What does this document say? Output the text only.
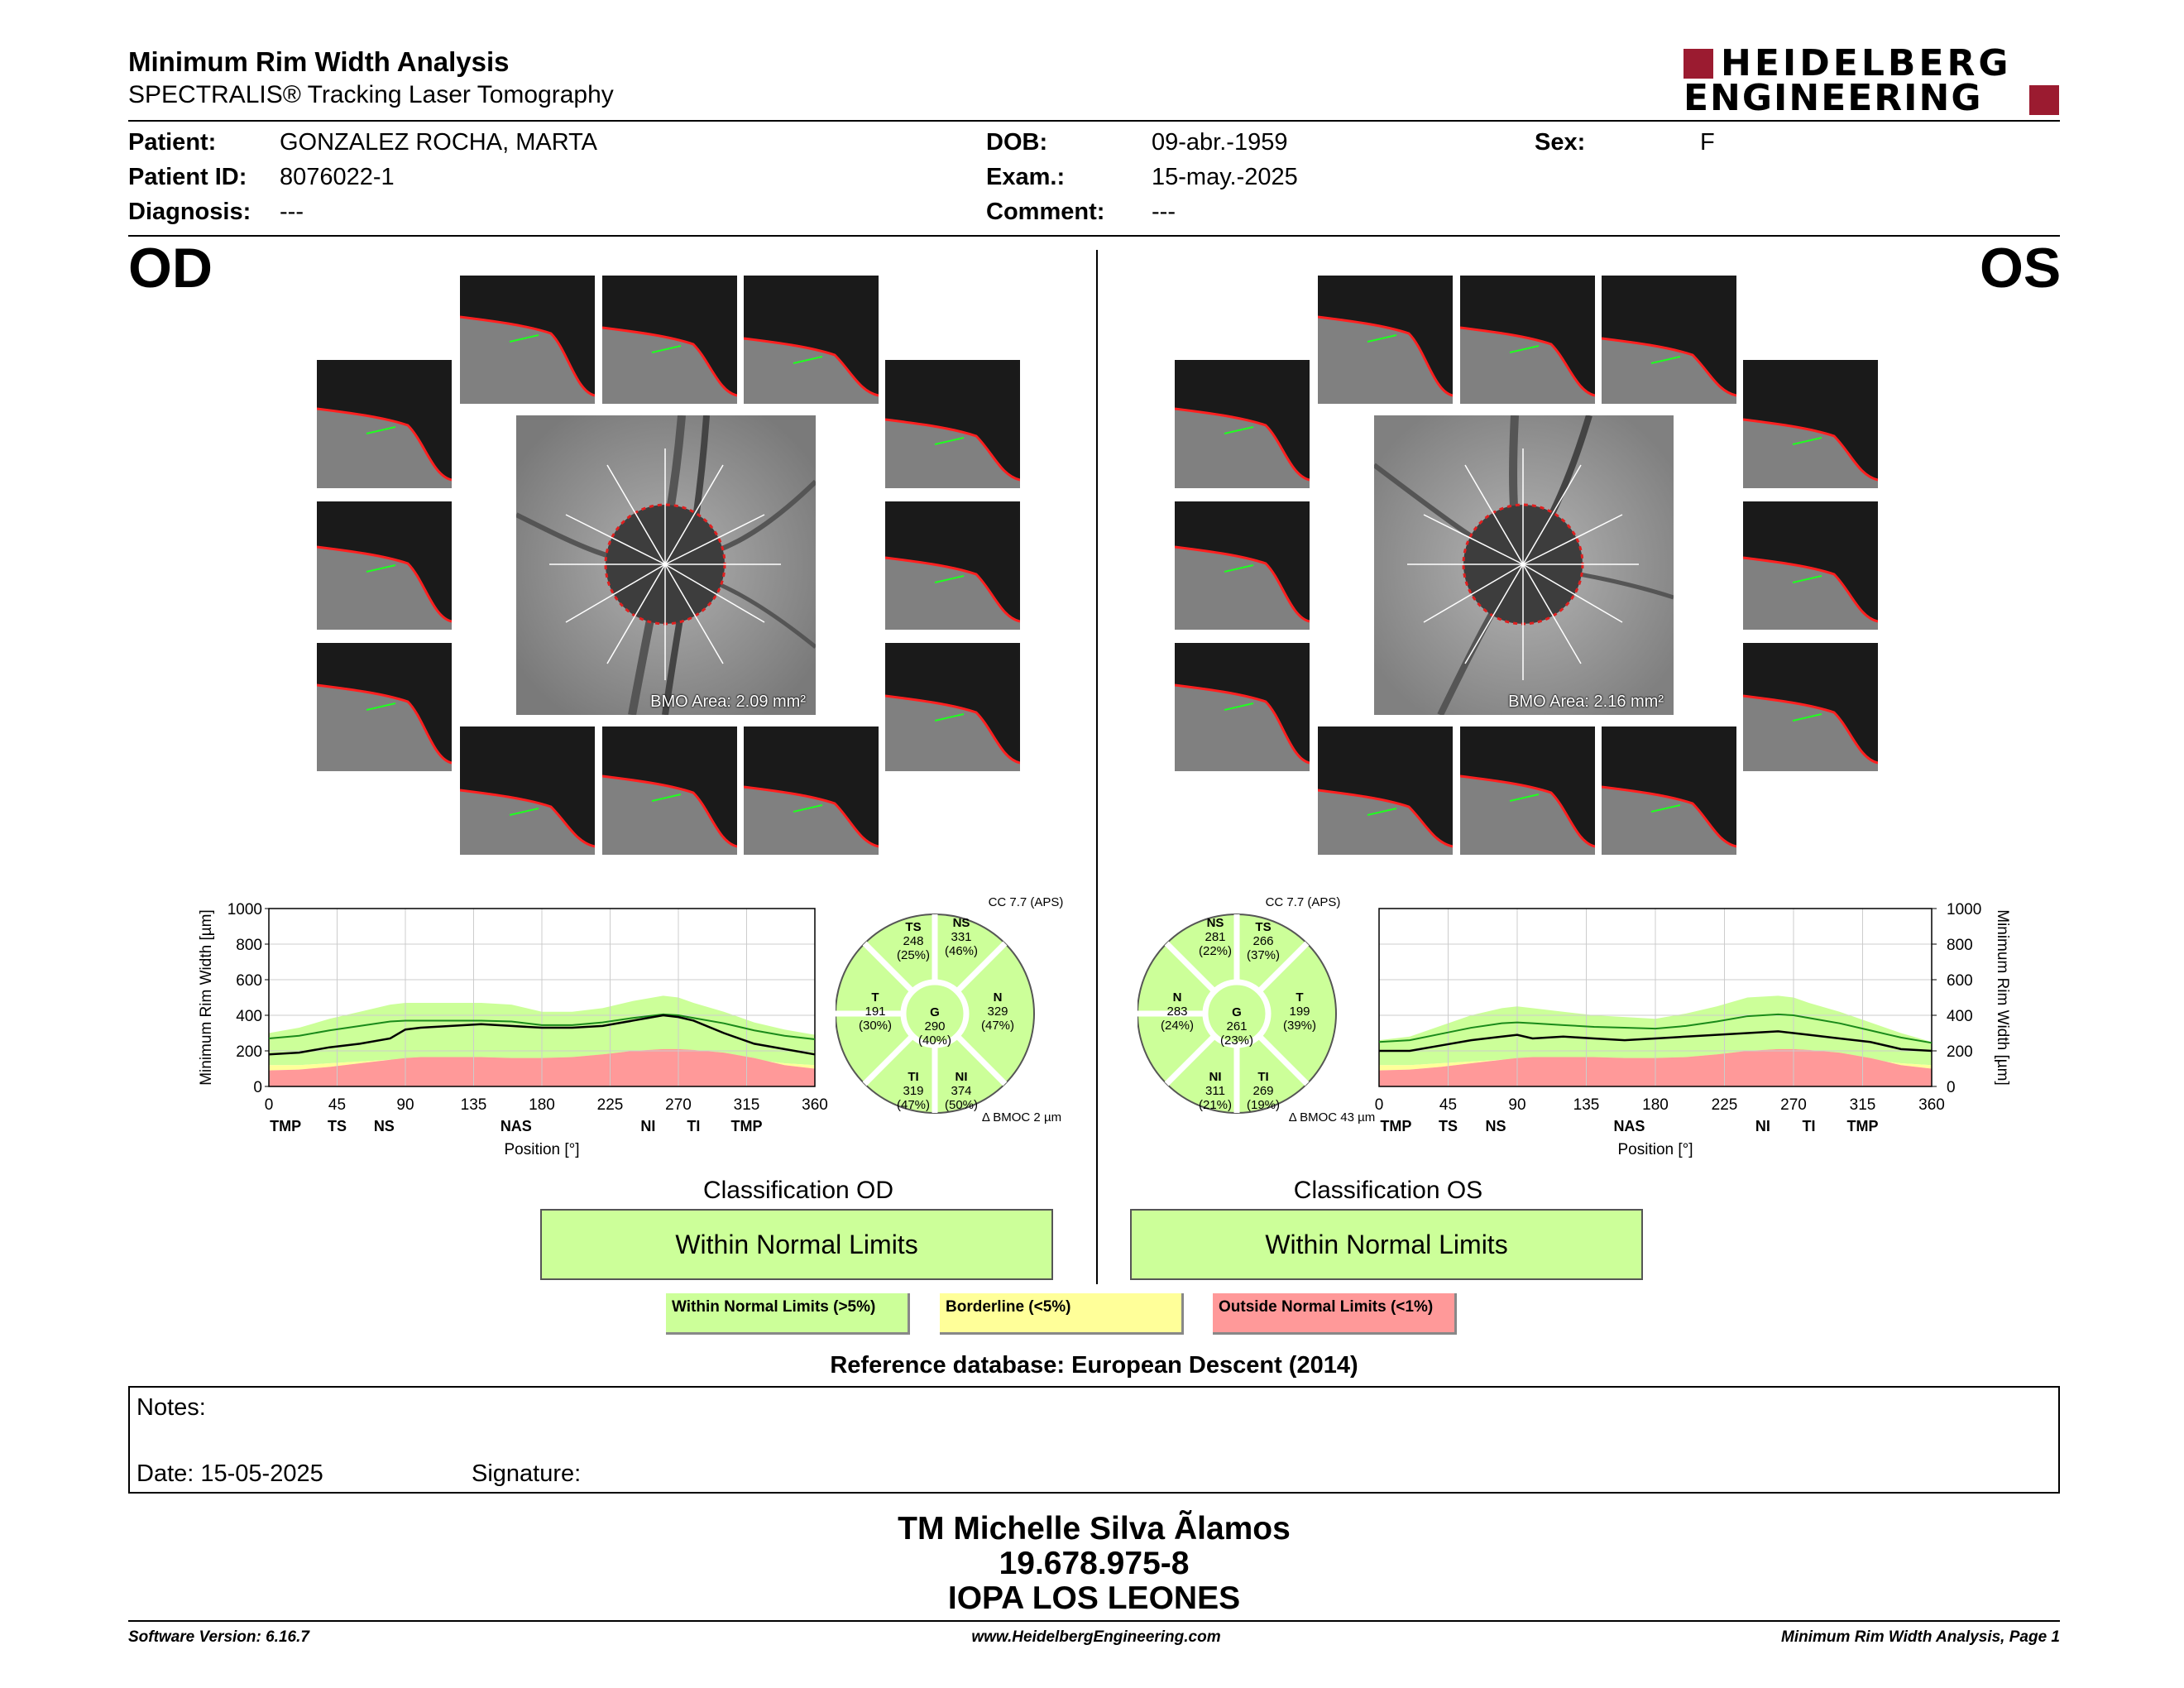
Minimum Rim Width Analysis
SPECTRALIS® Tracking Laser Tomography
HEIDELBERG
ENGINEERING
Patient:	GONZALEZ ROCHA, MARTA
Patient ID: 8076022-1
Diagnosis: ---
DOB:	09-abr.-1959
Exam.:	15-may.-2025
Comment: ---
Sex:	F
OD	OS
BMO Area: 2.09 mm²	BMO Area: 2.16 mm²
0	45	90	135	180	225	270	315	360
0
200
400
600
800
1000
TMP TS NS	NAS	NI TI TMP
Position [°]
Minimum Rim Width [µm]
0	45	90	135	180	225	270	315	360
0
200
400
600
800
1000
TMP TS NS	NAS	NI TI TMP
Position [°]
Minimum Rim Width [µm]
CC 7.7 (APS)
TS
248
(25%)
NS
331
(46%)
T
191
(30%)
G
290
(40%)
N
329
(47%)
TI
319
(47%)
NI
374
(50%)
Δ BMOC 2 µm
CC 7.7 (APS)
NS
281
(22%)
TS
266
(37%)
N
283
(24%)
G
261
(23%)
T
199
(39%)
NI
311
(21%)
TI
269
(19%)
Δ BMOC 43 µm
Classification OD
Within Normal Limits
Classification OS
Within Normal Limits
Within Normal Limits (>5%)	Borderline (<5%)	Outside Normal Limits (<1%)
Reference database: European Descent (2014)
Notes:
Date: 15-05-2025	Signature:
TM Michelle Silva Ãlamos
19.678.975-8
IOPA LOS LEONES
Software Version: 6.16.7	www.HeidelbergEngineering.com	Minimum Rim Width Analysis, Page 1
